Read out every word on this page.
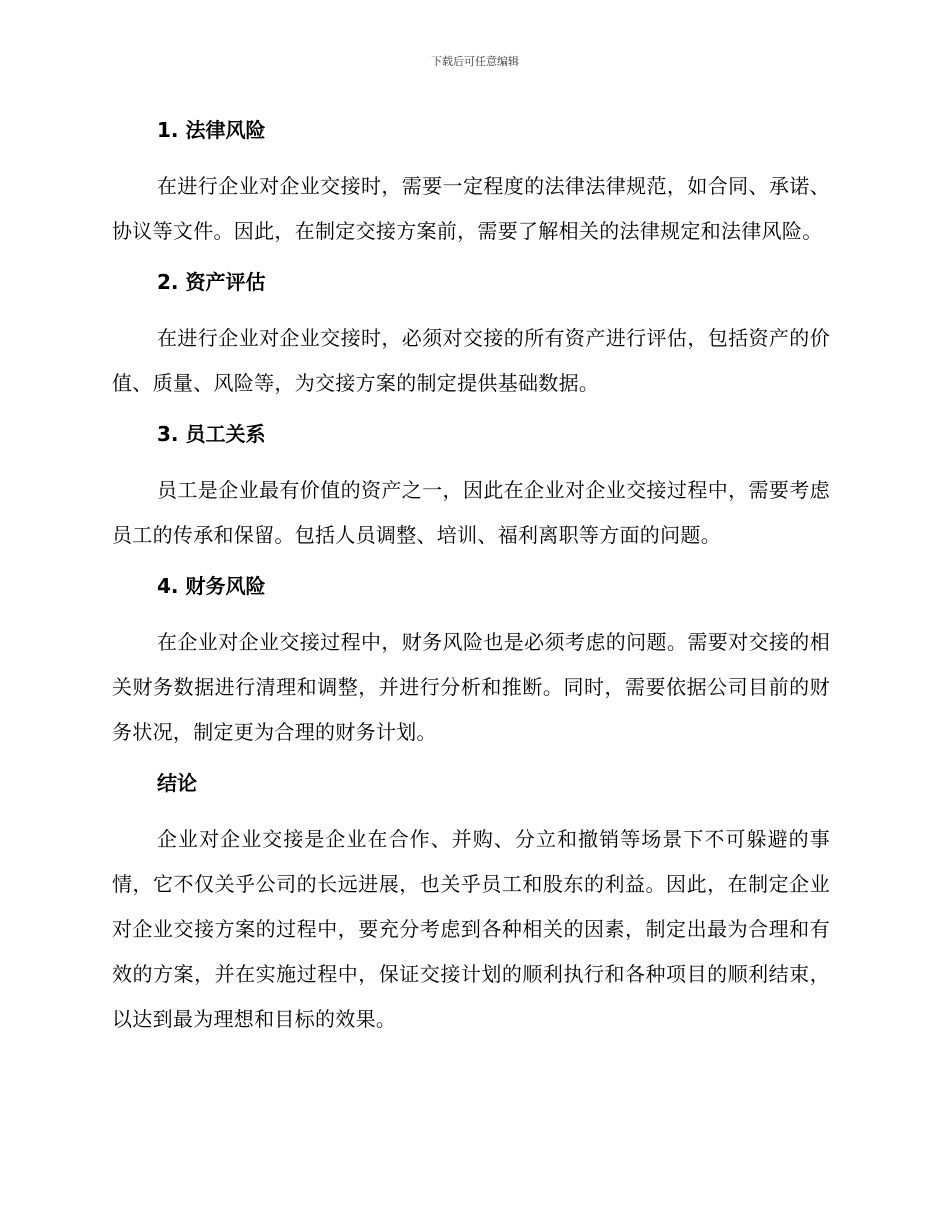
下载后可任意编辑
1. 法律风险

在进行企业对企业交接时，需要一定程度的法律法律规范，如合同、承诺、协议等文件。因此，在制定交接方案前，需要了解相关的法律规定和法律风险。

2. 资产评估

在进行企业对企业交接时，必须对交接的所有资产进行评估，包括资产的价值、质量、风险等，为交接方案的制定提供基础数据。

3. 员工关系

员工是企业最有价值的资产之一，因此在企业对企业交接过程中，需要考虑员工的传承和保留。包括人员调整、培训、福利离职等方面的问题。

4. 财务风险

在企业对企业交接过程中，财务风险也是必须考虑的问题。需要对交接的相关财务数据进行清理和调整，并进行分析和推断。同时，需要依据公司目前的财务状况，制定更为合理的财务计划。

结论

企业对企业交接是企业在合作、并购、分立和撤销等场景下不可躲避的事情，它不仅关乎公司的长远进展，也关乎员工和股东的利益。因此，在制定企业对企业交接方案的过程中，要充分考虑到各种相关的因素，制定出最为合理和有效的方案，并在实施过程中，保证交接计划的顺利执行和各种项目的顺利结束，以达到最为理想和目标的效果。
